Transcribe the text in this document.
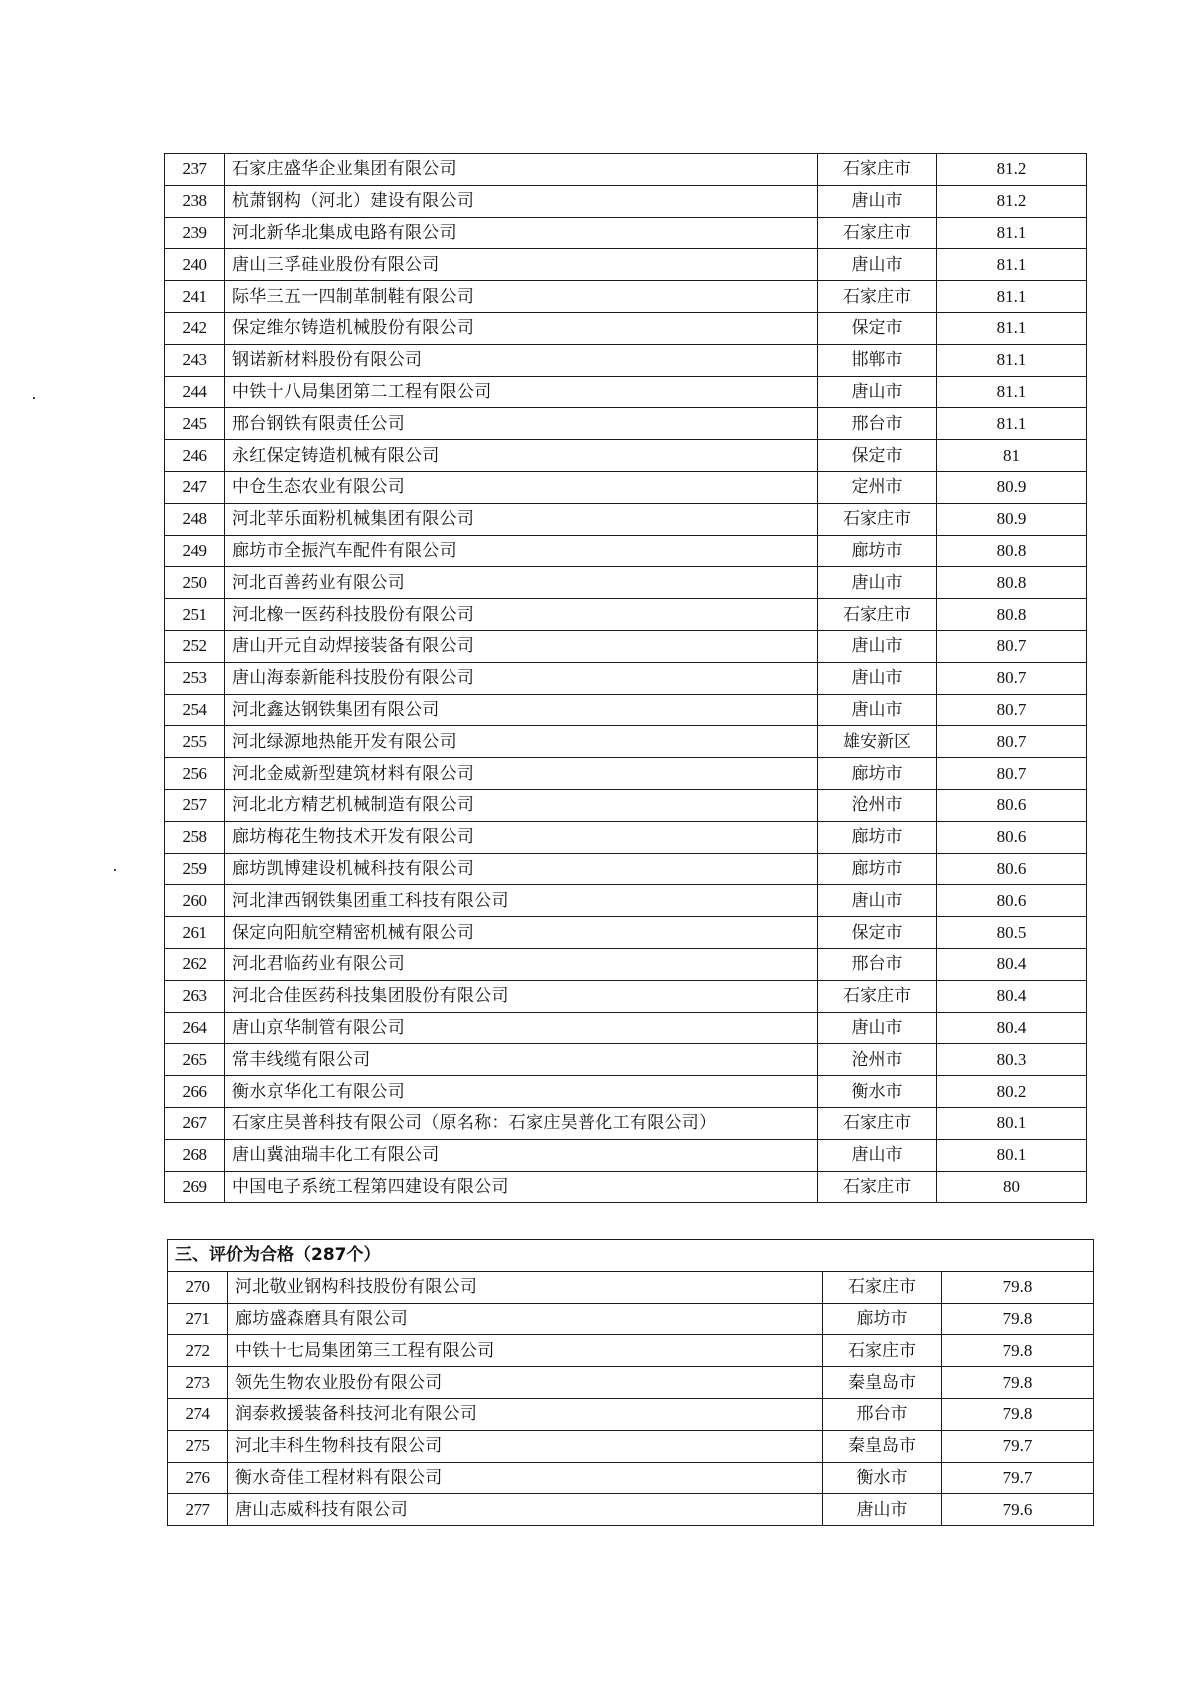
237	石家庄盛华企业集团有限公司	石家庄市	81.2
238	杭萧钢构（河北）建设有限公司	唐山市	81.2
239	河北新华北集成电路有限公司	石家庄市	81.1
240	唐山三孚硅业股份有限公司	唐山市	81.1
241	际华三五一四制革制鞋有限公司	石家庄市	81.1
242	保定维尔铸造机械股份有限公司	保定市	81.1
243	钢诺新材料股份有限公司	邯郸市	81.1
244	中铁十八局集团第二工程有限公司	唐山市	81.1
245	邢台钢铁有限责任公司	邢台市	81.1
246	永红保定铸造机械有限公司	保定市	81
247	中仓生态农业有限公司	定州市	80.9
248	河北苹乐面粉机械集团有限公司	石家庄市	80.9
249	廊坊市全振汽车配件有限公司	廊坊市	80.8
250	河北百善药业有限公司	唐山市	80.8
251	河北橡一医药科技股份有限公司	石家庄市	80.8
252	唐山开元自动焊接装备有限公司	唐山市	80.7
253	唐山海泰新能科技股份有限公司	唐山市	80.7
254	河北鑫达钢铁集团有限公司	唐山市	80.7
255	河北绿源地热能开发有限公司	雄安新区	80.7
256	河北金威新型建筑材料有限公司	廊坊市	80.7
257	河北北方精艺机械制造有限公司	沧州市	80.6
258	廊坊梅花生物技术开发有限公司	廊坊市	80.6
259	廊坊凯博建设机械科技有限公司	廊坊市	80.6
260	河北津西钢铁集团重工科技有限公司	唐山市	80.6
261	保定向阳航空精密机械有限公司	保定市	80.5
262	河北君临药业有限公司	邢台市	80.4
263	河北合佳医药科技集团股份有限公司	石家庄市	80.4
264	唐山京华制管有限公司	唐山市	80.4
265	常丰线缆有限公司	沧州市	80.3
266	衡水京华化工有限公司	衡水市	80.2
267	石家庄昊普科技有限公司（原名称：石家庄昊普化工有限公司）	石家庄市	80.1
268	唐山冀油瑞丰化工有限公司	唐山市	80.1
269	中国电子系统工程第四建设有限公司	石家庄市	80
三、评价为合格（287个）			
270	河北敬业钢构科技股份有限公司	石家庄市	79.8
271	廊坊盛森磨具有限公司	廊坊市	79.8
272	中铁十七局集团第三工程有限公司	石家庄市	79.8
273	领先生物农业股份有限公司	秦皇岛市	79.8
274	润泰救援装备科技河北有限公司	邢台市	79.8
275	河北丰科生物科技有限公司	秦皇岛市	79.7
276	衡水奇佳工程材料有限公司	衡水市	79.7
277	唐山志威科技有限公司	唐山市	79.6
